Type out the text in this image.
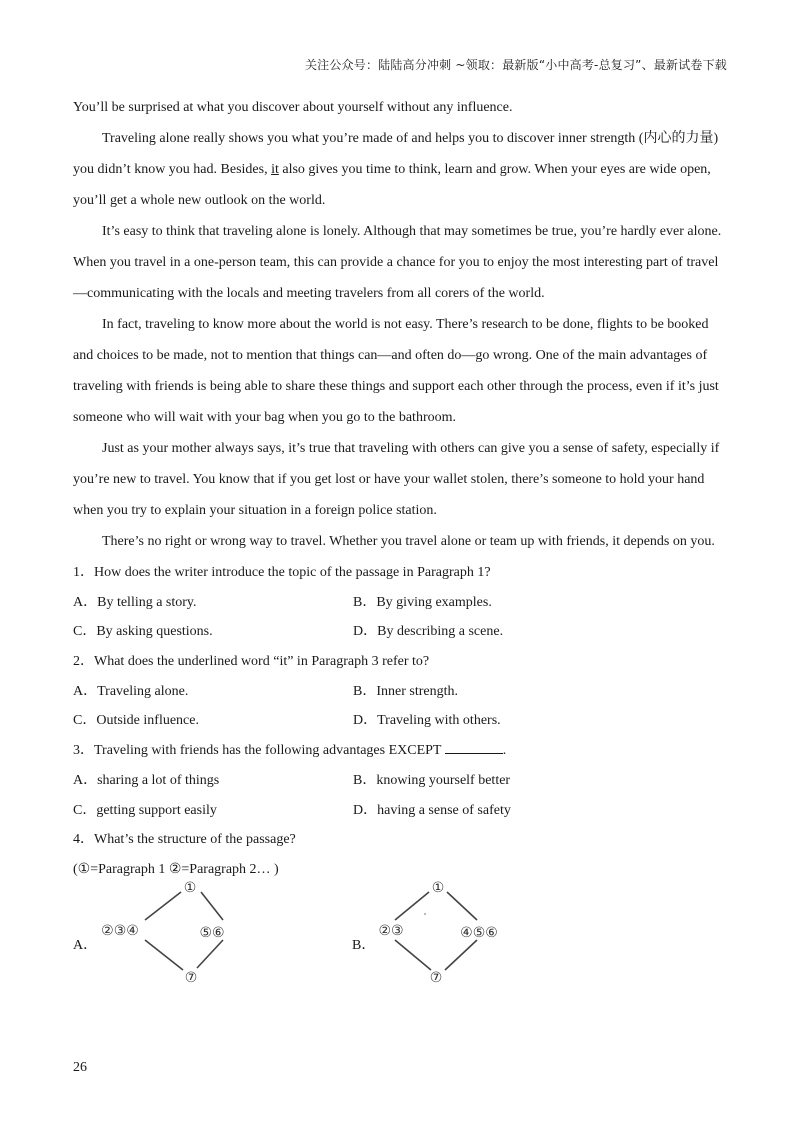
关注公众号：陆陆高分冲刺 ~领取：最新版“小中高考-总复习”、最新试卷下载
You’ll be surprised at what you discover about yourself without any influence.
Traveling alone really shows you what you’re made of and helps you to discover inner strength (内心的力量)
you didn’t know you had. Besides, it also gives you time to think, learn and grow. When your eyes are wide open,
you’ll get a whole new outlook on the world.
It’s easy to think that traveling alone is lonely. Although that may sometimes be true, you’re hardly ever alone.
When you travel in a one-person team, this can provide a chance for you to enjoy the most interesting part of travel
—communicating with the locals and meeting travelers from all corers of the world.
In fact, traveling to know more about the world is not easy. There’s research to be done, flights to be booked
and choices to be made, not to mention that things can—and often do—go wrong. One of the main advantages of
traveling with friends is being able to share these things and support each other through the process, even if it’s just
someone who will wait with your bag when you go to the bathroom.
Just as your mother always says, it’s true that traveling with others can give you a sense of safety, especially if
you’re new to travel. You know that if you get lost or have your wallet stolen, there’s someone to hold your hand
when you try to explain your situation in a foreign police station.
There’s no right or wrong way to travel. Whether you travel alone or team up with friends, it depends on you.
1．How does the writer introduce the topic of the passage in Paragraph 1?
A．By telling a story.	B．By giving examples.
C．By asking questions.	D．By describing a scene.
2．What does the underlined word “it” in Paragraph 3 refer to?
A．Traveling alone.	B．Inner strength.
C．Outside influence.	D．Traveling with others.
3．Traveling with friends has the following advantages EXCEPT	.
A．sharing a lot of things	B．knowing yourself better
C．getting support easily	D．having a sense of safety
4．What’s the structure of the passage?
(①=Paragraph 1 ②=Paragraph 2… )
A．
①
②③④	⑤⑥
⑦
B．
①
②③	④⑤⑥
⑦
26
